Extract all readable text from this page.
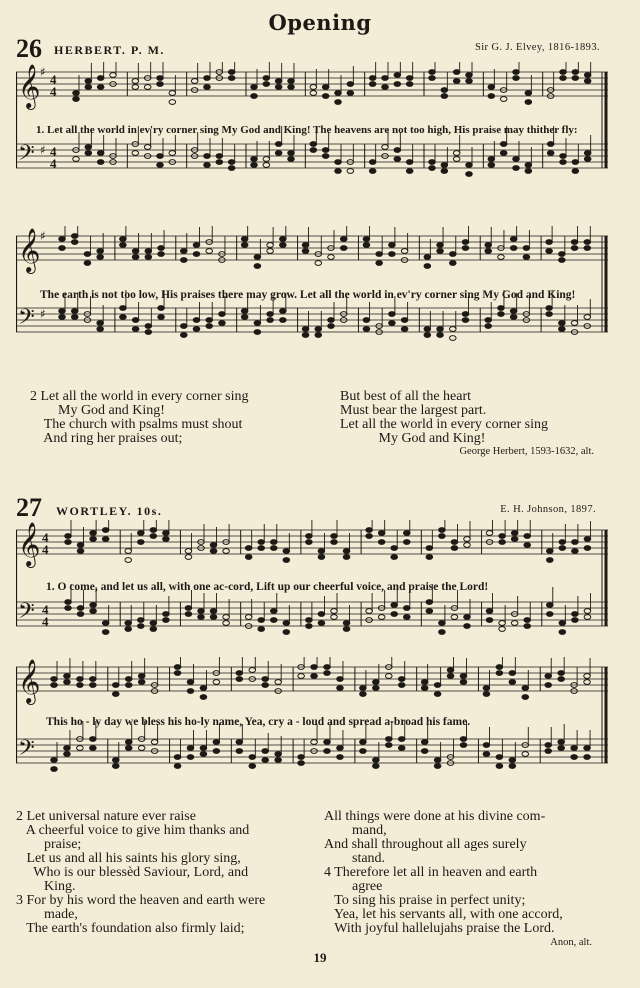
Opening
26 HERBERT. P. M.	Sir G. J. Elvey, 1816-1893.
𝄞 ♯ 4
4
𝄢 ♯ 4
4
1. Let all the world in ev'ry corner sing My God and King! The heavens are not too high, His praise may thither fly:
𝄞 ♯
𝄢 ♯
The earth is not too low, His praises there may grow. Let all the world in ev'ry corner sing My God and King!
2 Let all the world in every corner sing
My God and King!
The church with psalms must shout
And ring her praises out;
But best of all the heart
Must bear the largest part.
Let all the world in every corner sing
My God and King!
George Herbert, 1593-1632, alt.
27 WORTLEY. 10s.	E. H. Johnson, 1897.
𝄞 4
4
𝄢 4
4
1. O come, and let us all, with one ac-cord, Lift up our cheerful voice, and praise the Lord!
𝄞
𝄢
This ho - ly day we bless his ho-ly name, Yea, cry a - loud and spread a-broad his fame.
2 Let universal nature ever raise
A cheerful voice to give him thanks and
praise;
Let us and all his saints his glory sing,
Who is our blessèd Saviour, Lord, and
King.
3 For by his word the heaven and earth were
made,
The earth's foundation also firmly laid;
All things were done at his divine com-
mand,
And shall throughout all ages surely
stand.
4 Therefore let all in heaven and earth
agree
To sing his praise in perfect unity;
Yea, let his servants all, with one accord,
With joyful hallelujahs praise the Lord.
Anon, alt.
19
